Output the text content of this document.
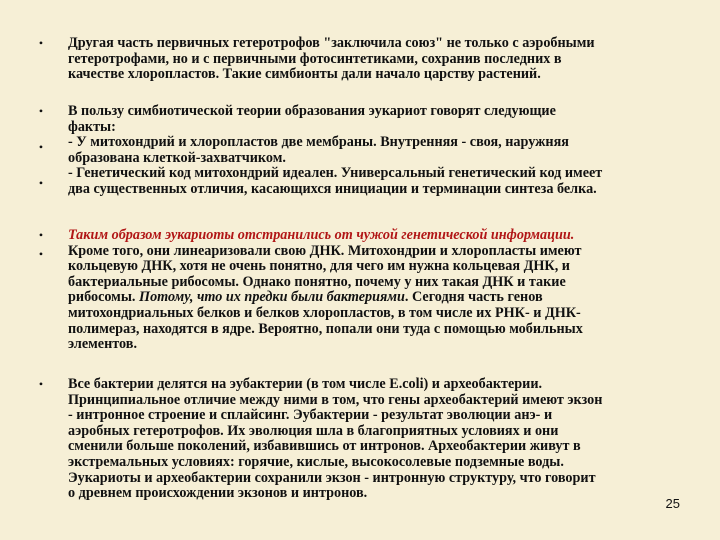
• Другая часть первичных гетеротрофов "заключила союз" не только с аэробными
гетеротрофами, но и с первичными фотосинтетиками, сохранив последних в
качестве хлоропластов. Такие симбионты дали начало царству растений.
•
•
•
В пользу симбиотической теории образования эукариот говорят следующие
факты:
- У митохондрий и хлоропластов две мембраны. Внутренняя - своя, наружняя
образована клеткой-захватчиком.
- Генетический код митохондрий идеален. Универсальный генетический код имеет
два существенных отличия, касающихся инициации и терминации синтеза белка.
•
•
Таким образом эукариоты отстранились от чужой генетической информации.
Кроме того, они линеаризовали свою ДНК. Митохондрии и хлоропласты имеют
кольцевую ДНК, хотя не очень понятно, для чего им нужна кольцевая ДНК, и
бактериальные рибосомы. Однако понятно, почему у них такая ДНК и такие
рибосомы. Потому, что их предки были бактериями. Сегодня часть генов
митохондриальных белков и белков хлоропластов, в том числе их РНК- и ДНК-
полимераз, находятся в ядре. Вероятно, попали они туда с помощью мобильных
элементов.
• Все бактерии делятся на эубактерии (в том числе E.coli) и археобактерии.
Принципиальное отличие между ними в том, что гены археобактерий имеют экзон
- интронное строение и сплайсинг. Эубактерии - результат эволюции анэ- и
аэробных гетеротрофов. Их эволюция шла в благоприятных условиях и они
сменили больше поколений, избавившись от интронов. Археобактерии живут в
экстремальных условиях: горячие, кислые, высокосолевые подземные воды.
Эукариоты и археобактерии сохранили экзон - интронную структуру, что говорит
о древнем происхождении экзонов и интронов.
25
